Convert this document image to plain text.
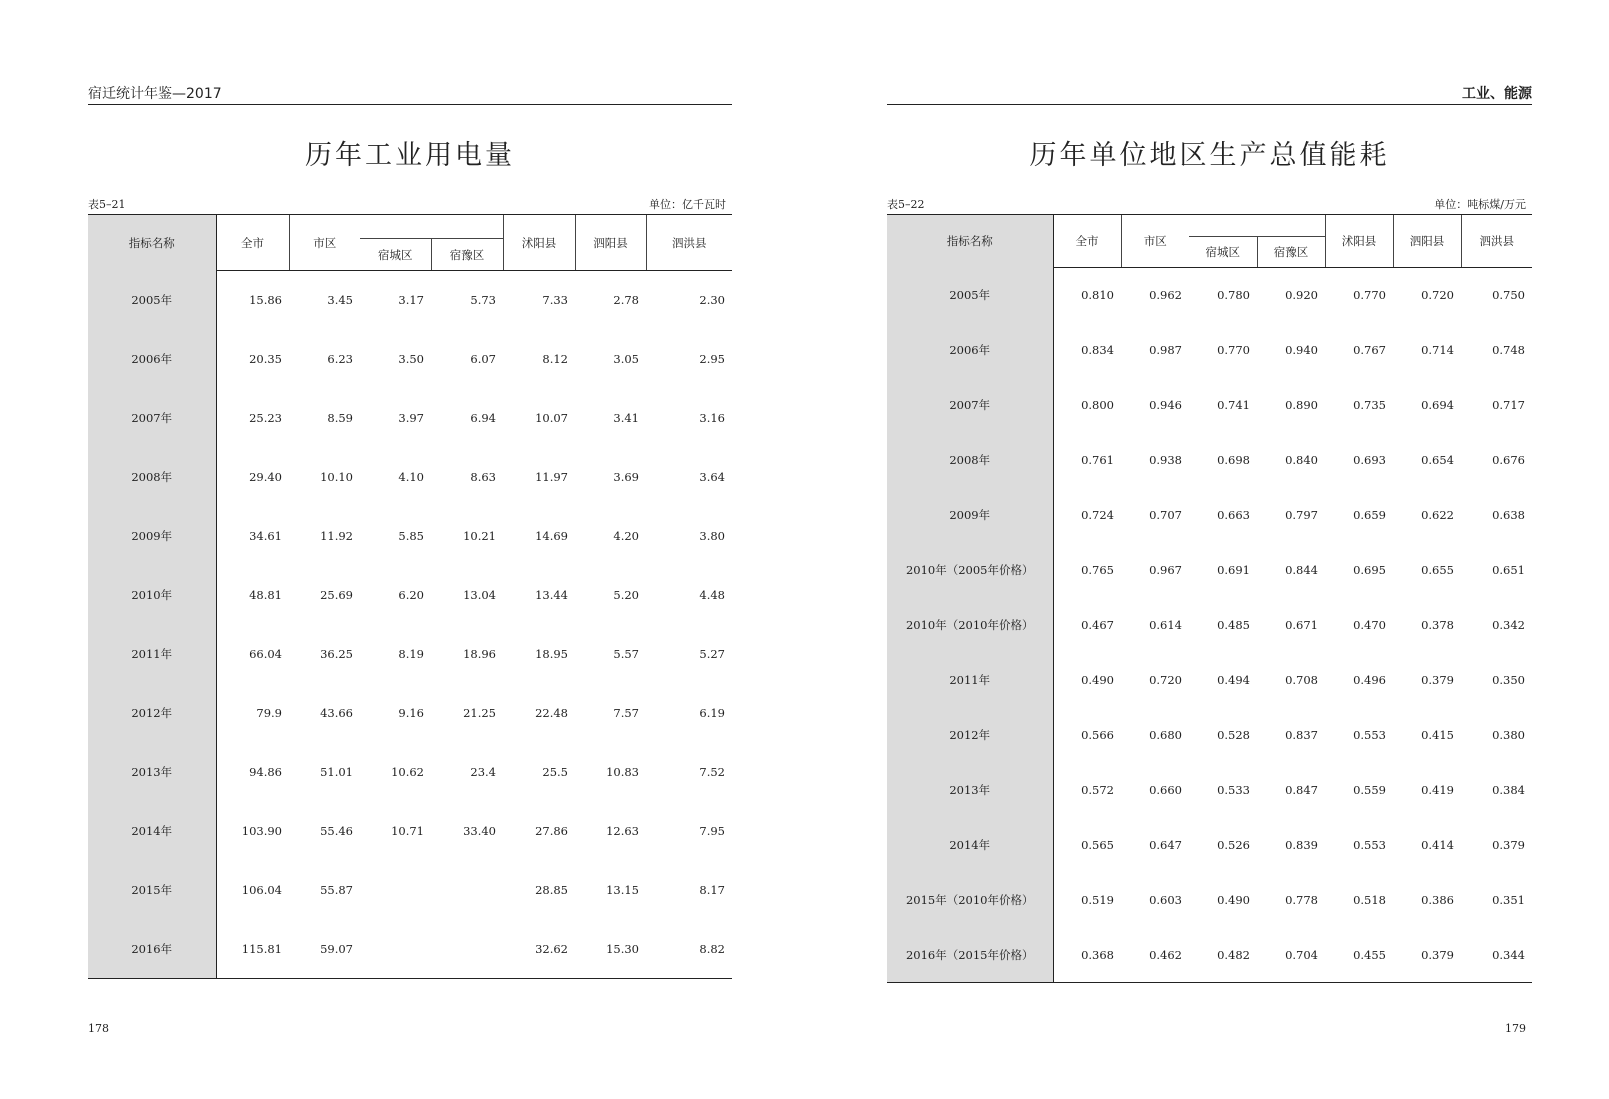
宿迁统计年鉴—2017
历年工业用电量
表5–21	单位：亿千瓦时
指标名称	全市	市区			沭阳县	泗阳县	泗洪县
			宿城区	宿豫区			
2005年	15.86	3.45	3.17	5.73	7.33	2.78	2.30
2006年	20.35	6.23	3.50	6.07	8.12	3.05	2.95
2007年	25.23	8.59	3.97	6.94	10.07	3.41	3.16
2008年	29.40	10.10	4.10	8.63	11.97	3.69	3.64
2009年	34.61	11.92	5.85	10.21	14.69	4.20	3.80
2010年	48.81	25.69	6.20	13.04	13.44	5.20	4.48
2011年	66.04	36.25	8.19	18.96	18.95	5.57	5.27
2012年	79.9	43.66	9.16	21.25	22.48	7.57	6.19
2013年	94.86	51.01	10.62	23.4	25.5	10.83	7.52
2014年	103.90	55.46	10.71	33.40	27.86	12.63	7.95
2015年	106.04	55.87			28.85	13.15	8.17
2016年	115.81	59.07			32.62	15.30	8.82
178
工业、能源
历年单位地区生产总值能耗
表5–22	单位：吨标煤/万元
指标名称	全市	市区			沭阳县	泗阳县	泗洪县
			宿城区	宿豫区			
2005年	0.810	0.962	0.780	0.920	0.770	0.720	0.750
2006年	0.834	0.987	0.770	0.940	0.767	0.714	0.748
2007年	0.800	0.946	0.741	0.890	0.735	0.694	0.717
2008年	0.761	0.938	0.698	0.840	0.693	0.654	0.676
2009年	0.724	0.707	0.663	0.797	0.659	0.622	0.638
2010年（2005年价格）	0.765	0.967	0.691	0.844	0.695	0.655	0.651
2010年（2010年价格）	0.467	0.614	0.485	0.671	0.470	0.378	0.342
2011年	0.490	0.720	0.494	0.708	0.496	0.379	0.350
2012年	0.566	0.680	0.528	0.837	0.553	0.415	0.380
2013年	0.572	0.660	0.533	0.847	0.559	0.419	0.384
2014年	0.565	0.647	0.526	0.839	0.553	0.414	0.379
2015年（2010年价格）	0.519	0.603	0.490	0.778	0.518	0.386	0.351
2016年（2015年价格）	0.368	0.462	0.482	0.704	0.455	0.379	0.344
179
